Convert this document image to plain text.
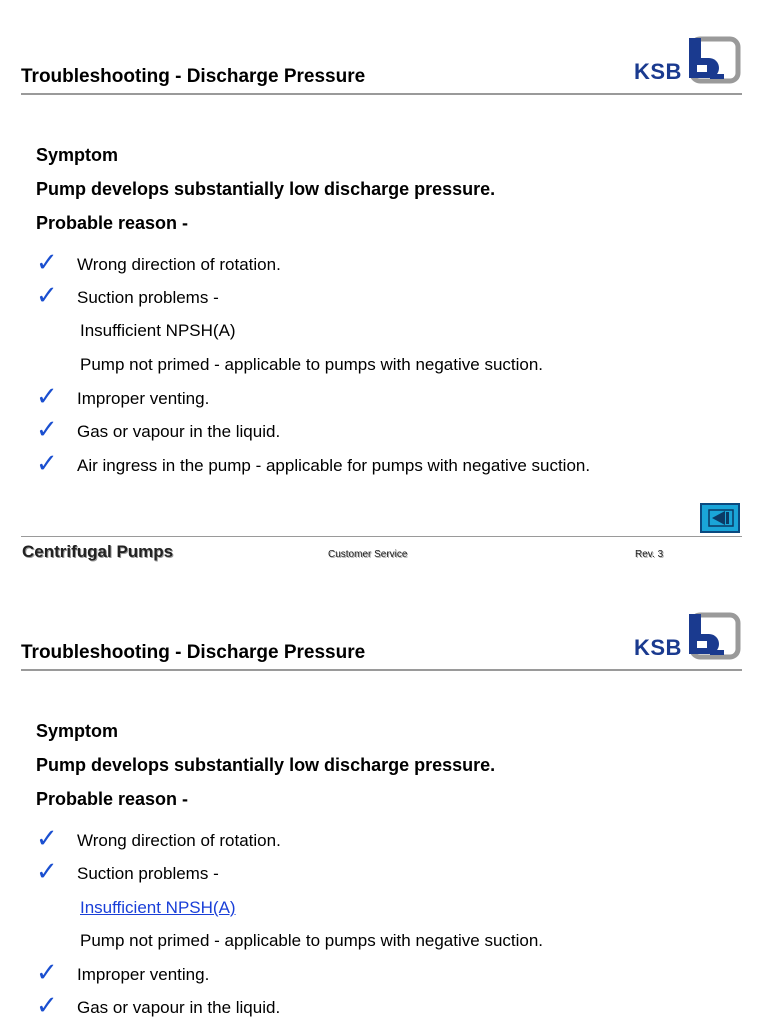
Troubleshooting - Discharge Pressure	KSB

Symptom

Pump develops substantially low discharge pressure.

Probable reason -

✓ Wrong direction of rotation.
✓ Suction problems -
Insufficient NPSH(A)
Pump not primed - applicable to pumps with negative suction.
✓ Improper venting.
✓ Gas or vapour in the liquid.
✓ Air ingress in the pump - applicable for pumps with negative suction.
Centrifugal Pumps	Customer Service	Rev. 3
Troubleshooting - Discharge Pressure	KSB

Symptom

Pump develops substantially low discharge pressure.

Probable reason -

✓ Wrong direction of rotation.
✓ Suction problems -
Insufficient NPSH(A)
Pump not primed - applicable to pumps with negative suction.
✓ Improper venting.
✓ Gas or vapour in the liquid.
